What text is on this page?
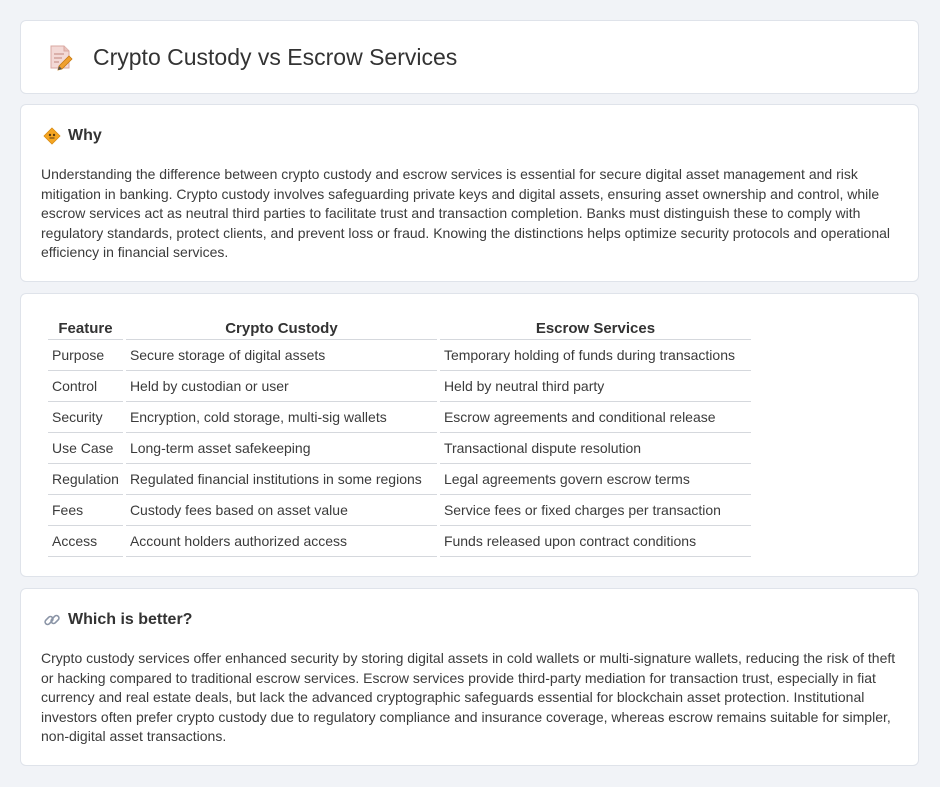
Crypto Custody vs Escrow Services
Why

Understanding the difference between crypto custody and escrow services is essential for secure digital asset management and risk mitigation in banking. Crypto custody involves safeguarding private keys and digital assets, ensuring asset ownership and control, while escrow services act as neutral third parties to facilitate trust and transaction completion. Banks must distinguish these to comply with regulatory standards, protect clients, and prevent loss or fraud. Knowing the distinctions helps optimize security protocols and operational efficiency in financial services.

Feature	Crypto Custody	Escrow Services
Purpose	Secure storage of digital assets	Temporary holding of funds during transactions
Control	Held by custodian or user	Held by neutral third party
Security	Encryption, cold storage, multi-sig wallets	Escrow agreements and conditional release
Use Case	Long-term asset safekeeping	Transactional dispute resolution
Regulation	Regulated financial institutions in some regions	Legal agreements govern escrow terms
Fees	Custody fees based on asset value	Service fees or fixed charges per transaction
Access	Account holders authorized access	Funds released upon contract conditions
Which is better?

Crypto custody services offer enhanced security by storing digital assets in cold wallets or multi-signature wallets, reducing the risk of theft or hacking compared to traditional escrow services. Escrow services provide third-party mediation for transaction trust, especially in fiat currency and real estate deals, but lack the advanced cryptographic safeguards essential for blockchain asset protection. Institutional investors often prefer crypto custody due to regulatory compliance and insurance coverage, whereas escrow remains suitable for simpler, non-digital asset transactions.
